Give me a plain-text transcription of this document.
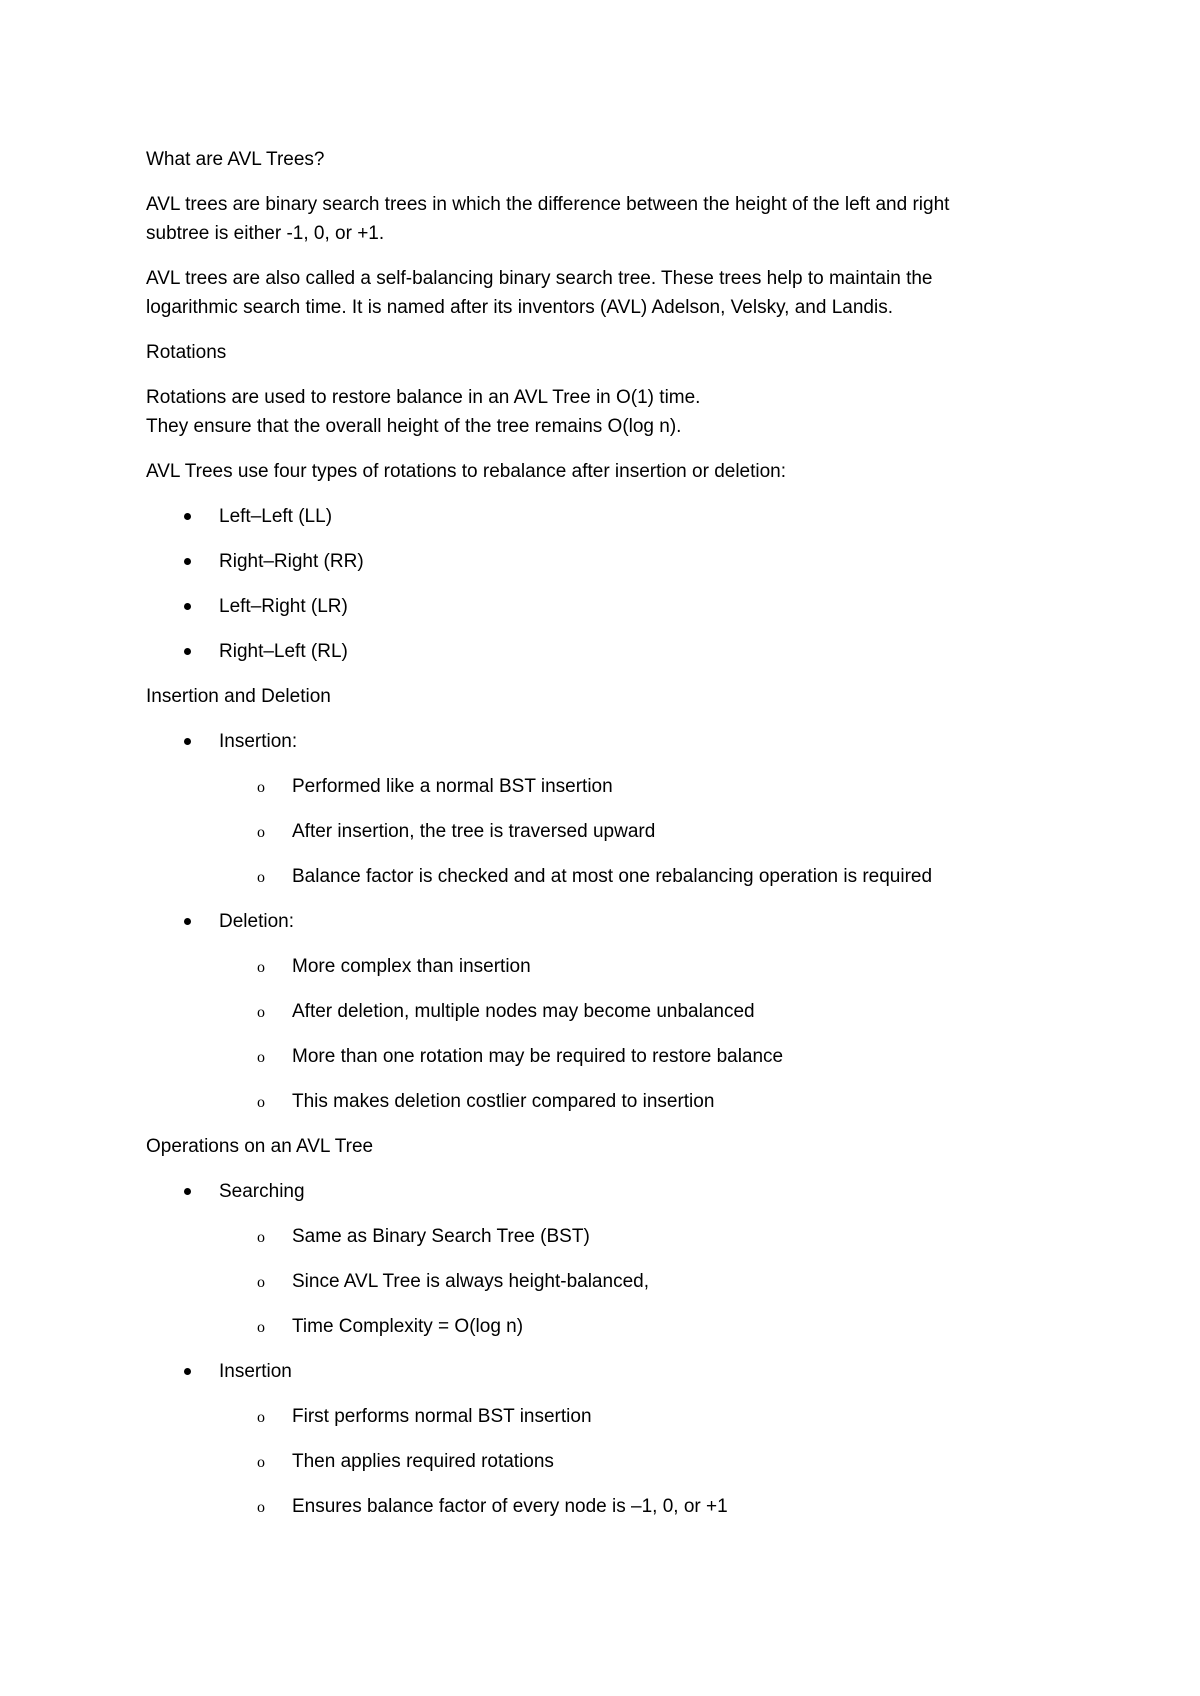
What are AVL Trees?
AVL trees are binary search trees in which the difference between the height of the left and right
subtree is either -1, 0, or +1.
AVL trees are also called a self-balancing binary search tree. These trees help to maintain the
logarithmic search time. It is named after its inventors (AVL) Adelson, Velsky, and Landis.
Rotations
Rotations are used to restore balance in an AVL Tree in O(1) time.
They ensure that the overall height of the tree remains O(log n).
AVL Trees use four types of rotations to rebalance after insertion or deletion:
Left–Left (LL)
Right–Right (RR)
Left–Right (LR)
Right–Left (RL)
Insertion and Deletion
Insertion:
o Performed like a normal BST insertion
o After insertion, the tree is traversed upward
o Balance factor is checked and at most one rebalancing operation is required
Deletion:
o More complex than insertion
o After deletion, multiple nodes may become unbalanced
o More than one rotation may be required to restore balance
o This makes deletion costlier compared to insertion
Operations on an AVL Tree
Searching
o Same as Binary Search Tree (BST)
o Since AVL Tree is always height-balanced,
o Time Complexity = O(log n)
Insertion
o First performs normal BST insertion
o Then applies required rotations
o Ensures balance factor of every node is –1, 0, or +1
